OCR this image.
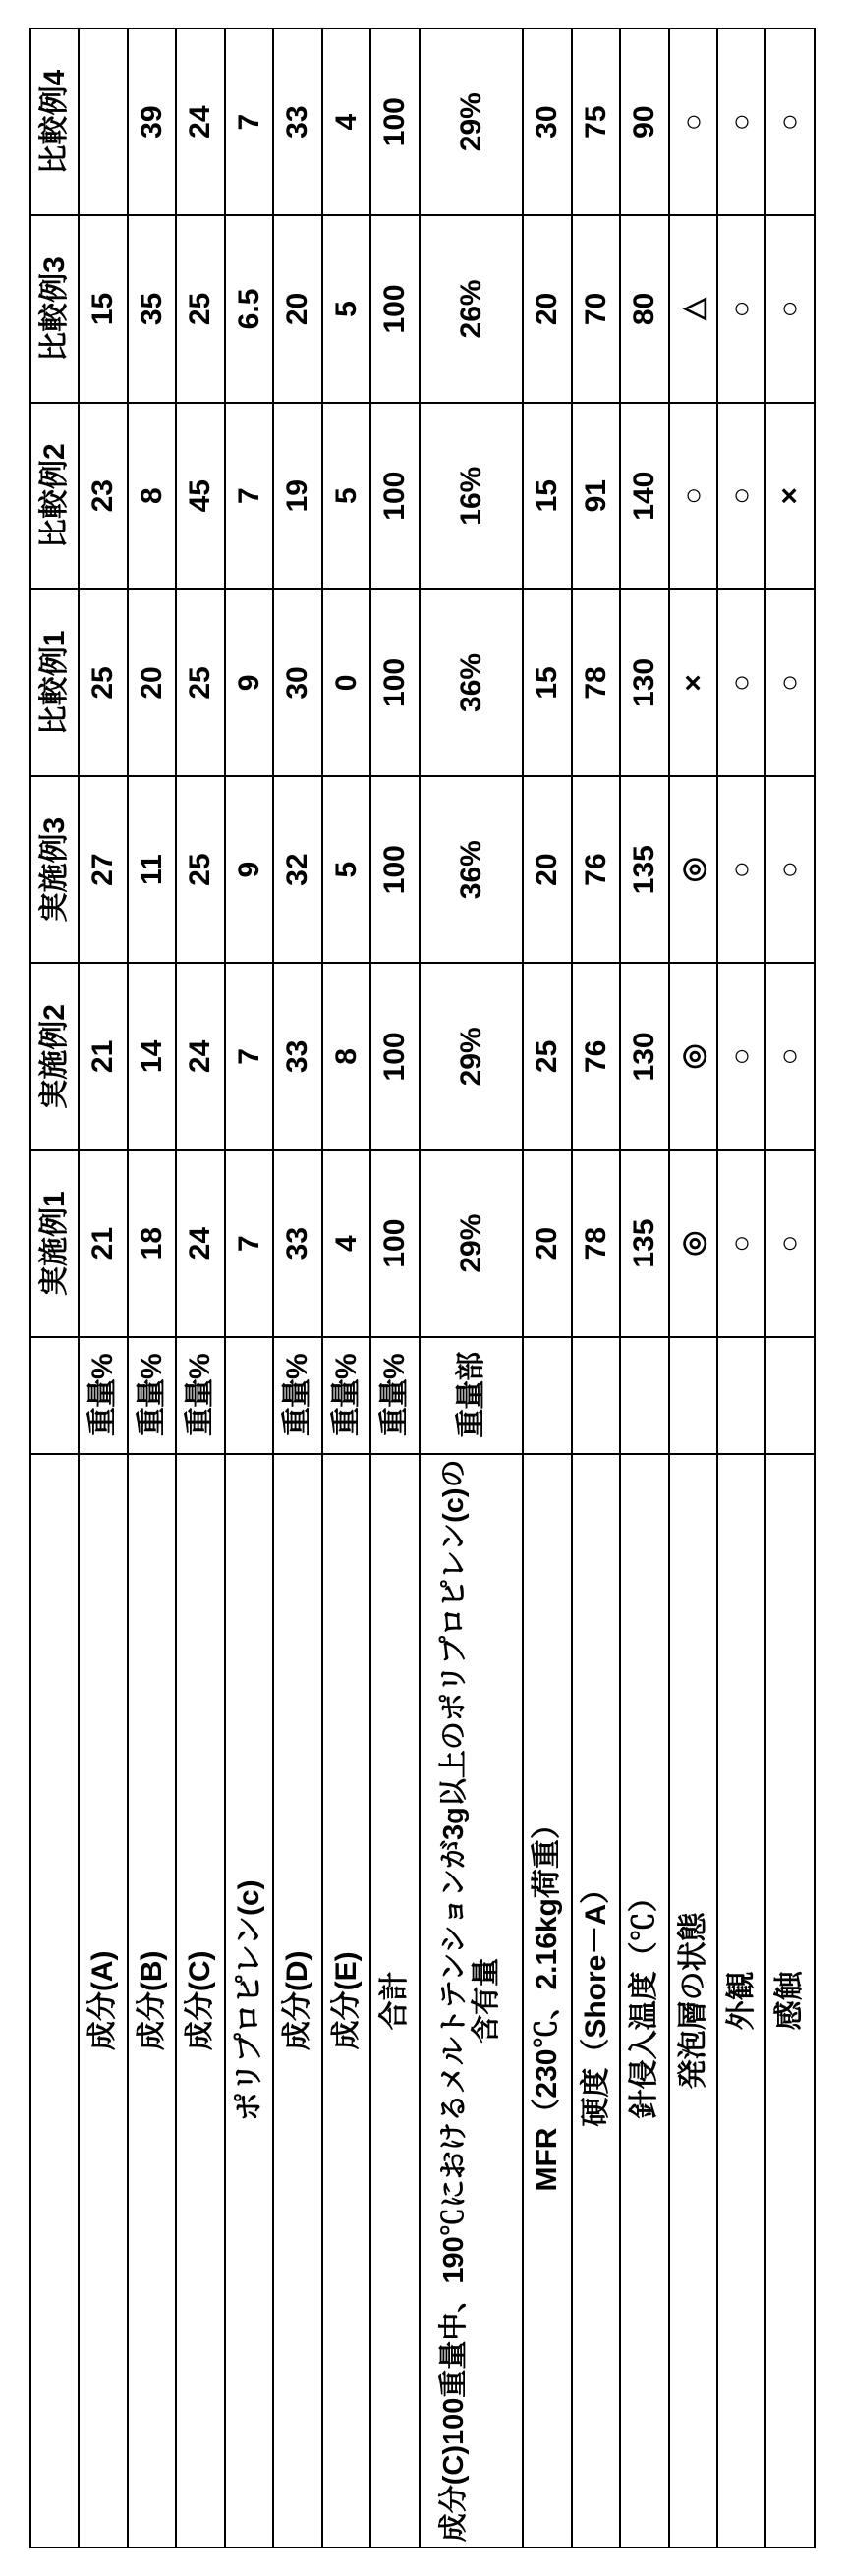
		実施例1	実施例2	実施例3	比較例1	比較例2	比較例3	比較例4
成分(A)	重量%	21	21	27	25	23	15	
成分(B)	重量%	18	14	11	20	8	35	39
成分(C)	重量%	24	24	25	25	45	25	24
ポリプロピレン(c)		7	7	9	9	7	6.5	7
成分(D)	重量%	33	33	32	30	19	20	33
成分(E)	重量%	4	8	5	0	5	5	4
合計	重量%	100	100	100	100	100	100	100
成分(C)100重量中、190℃におけるメルトテンションが3g以上のポリプロピレン(c)の含有量	重量部	29%	29%	36%	36%	16%	26%	29%
MFR（230℃、2.16kg荷重）		20	25	20	15	15	20	30
硬度（Shore－A）		78	76	76	78	91	70	75
針侵入温度（℃）		135	130	135	130	140	80	90
発泡層の状態		◎	◎	◎	×	○	△	○
外観		○	○	○	○	○	○	○
感触		○	○	○	○	×	○	○
